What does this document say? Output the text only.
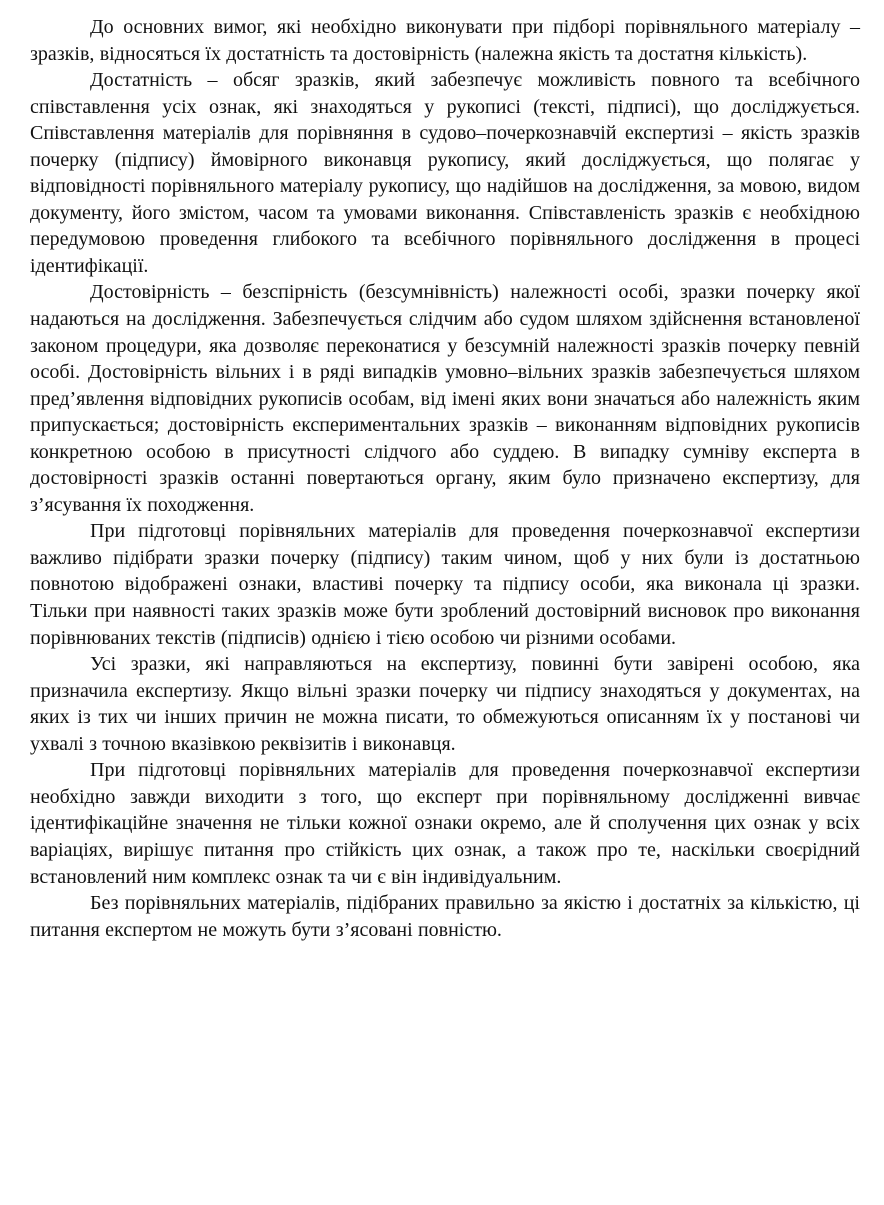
До основних вимог, які необхідно виконувати при підборі порівняльного матеріалу – зразків, відносяться їх достатність та достовірність (належна якість та достатня кількість).

Достатність – обсяг зразків, який забезпечує можливість повного та всебічного співставлення усіх ознак, які знаходяться у рукописі (тексті, підписі), що досліджується. Співставлення матеріалів для порівняння в судово–почеркознавчій експертизі – якість зразків почерку (підпису) ймовірного виконавця рукопису, який досліджується, що полягає у відповідності порівняльного матеріалу рукопису, що надійшов на дослідження, за мовою, видом документу, його змістом, часом та умовами виконання. Співставленість зразків є необхідною передумовою проведення глибокого та всебічного порівняльного дослідження в процесі ідентифікації.

Достовірність – безспірність (безсумнівність) належності особі, зразки почерку якої надаються на дослідження. Забезпечується слідчим або судом шляхом здійснення встановленої законом процедури, яка дозволяє переконатися у безсумній належності зразків почерку певній особі. Достовірність вільних і в ряді випадків умовно–вільних зразків забезпечується шляхом пред’явлення відповідних рукописів особам, від імені яких вони значаться або належність яким припускається; достовірність експериментальних зразків – виконанням відповідних рукописів конкретною особою в присутності слідчого або суддею. В випадку сумніву експерта в достовірності зразків останні повертаються органу, яким було призначено експертизу, для з’ясування їх походження.

При підготовці порівняльних матеріалів для проведення почеркознавчої експертизи важливо підібрати зразки почерку (підпису) таким чином, щоб у них були із достатньою повнотою відображені ознаки, властиві почерку та підпису особи, яка виконала ці зразки. Тільки при наявності таких зразків може бути зроблений достовірний висновок про виконання порівнюваних текстів (підписів) однією і тією особою чи різними особами.

Усі зразки, які направляються на експертизу, повинні бути завірені особою, яка призначила експертизу. Якщо вільні зразки почерку чи підпису знаходяться у документах, на яких із тих чи інших причин не можна писати, то обмежуються описанням їх у постанові чи ухвалі з точною вказівкою реквізитів і виконавця.

При підготовці порівняльних матеріалів для проведення почеркознавчої експертизи необхідно завжди виходити з того, що експерт при порівняльному дослідженні вивчає ідентифікаційне значення не тільки кожної ознаки окремо, але й сполучення цих ознак у всіх варіаціях, вирішує питання про стійкість цих ознак, а також про те, наскільки своєрідний встановлений ним комплекс ознак та чи є він індивідуальним.

Без порівняльних матеріалів, підібраних правильно за якістю і достатніх за кількістю, ці питання експертом не можуть бути з’ясовані повністю.
